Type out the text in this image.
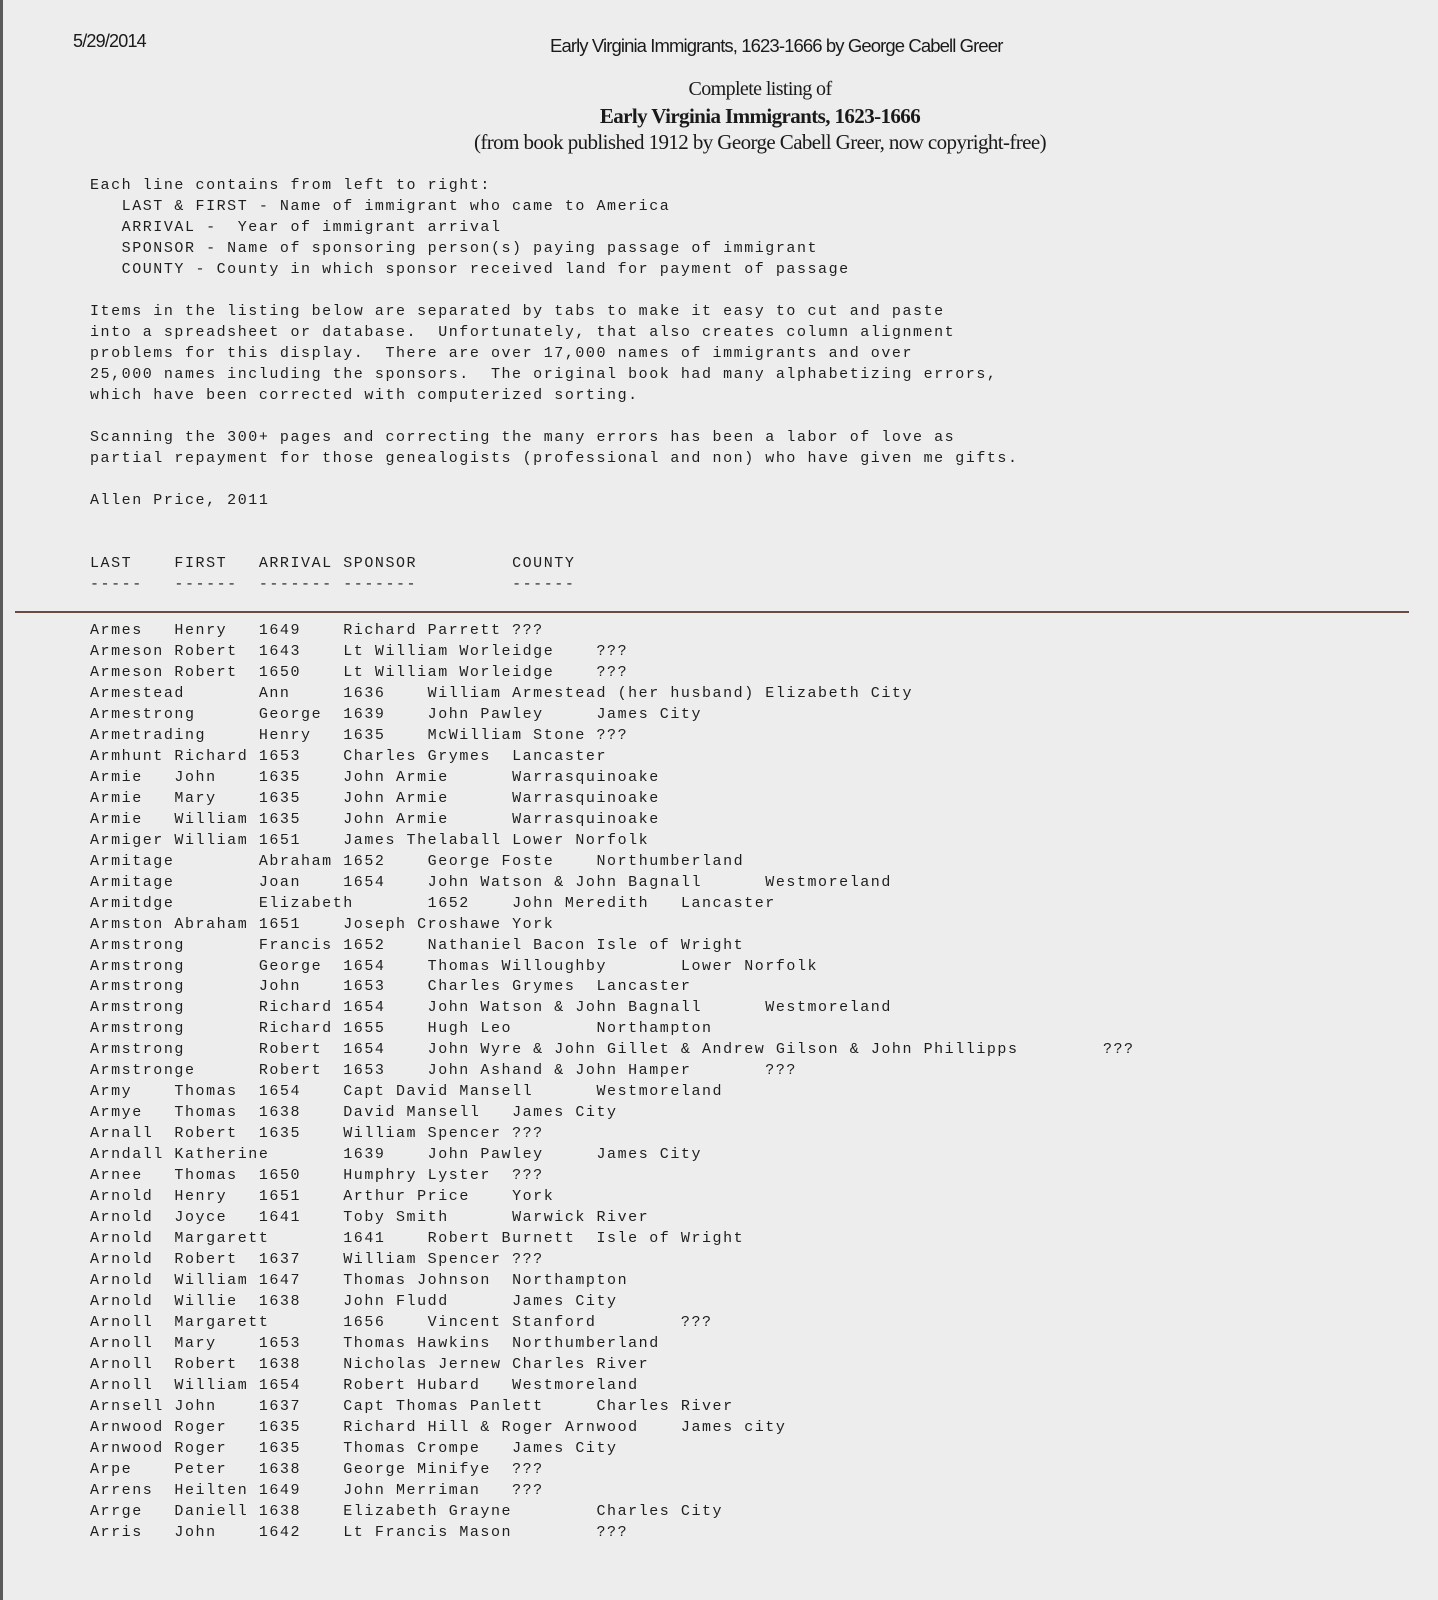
5/29/2014	Early Virginia Immigrants, 1623-1666 by George Cabell Greer
Complete listing of
Early Virginia Immigrants, 1623-1666
(from book published 1912 by George Cabell Greer, now copyright-free)
Each line contains from left to right:
LAST & FIRST - Name of immigrant who came to America
ARRIVAL -  Year of immigrant arrival
SPONSOR - Name of sponsoring person(s) paying passage of immigrant
COUNTY - County in which sponsor received land for payment of passage
Items in the listing below are separated by tabs to make it easy to cut and paste
into a spreadsheet or database.  Unfortunately, that also creates column alignment
problems for this display.  There are over 17,000 names of immigrants and over
25,000 names including the sponsors.  The original book had many alphabetizing errors,
which have been corrected with computerized sorting.
Scanning the 300+ pages and correcting the many errors has been a labor of love as
partial repayment for those genealogists (professional and non) who have given me gifts.
Allen Price, 2011
LAST	FIRST	ARRIVAL	SPONSOR		COUNTY
-----	------	-------	-------		------
Armes	Henry	1649		Richard Parrett	???
Armeson	Robert	1643		Lt William Worleidge		???
Armeson	Robert	1650		Lt William Worleidge		???
Armestead		Ann		1636		William Armestead (her husband)	Elizabeth City
Armestrong		George	1639		John Pawley		James City
Armetrading		Henry	1635		McWilliam Stone	???
Armhunt	Richard	1653		Charles Grymes	Lancaster
Armie	John		1635		John Armie		Warrasquinoake
Armie	Mary		1635		John Armie		Warrasquinoake
Armie	William	1635		John Armie		Warrasquinoake
Armiger	William	1651		James Thelaball	Lower Norfolk
Armitage		Abraham	1652		George Foste		Northumberland
Armitage		Joan		1654		John Watson & John Bagnall		Westmoreland
Armitdge		Elizabeth		1652		John Meredith	Lancaster
Armston	Abraham	1651		Joseph Croshawe	York
Armstrong		Francis	1652		Nathaniel Bacon	Isle of Wright
Armstrong		George	1654		Thomas Willoughby		Lower Norfolk
Armstrong		John		1653		Charles Grymes	Lancaster
Armstrong		Richard	1654		John Watson & John Bagnall		Westmoreland
Armstrong		Richard	1655		Hugh Leo		Northampton
Armstrong		Robert	1654		John Wyre & John Gillet & Andrew Gilson & John Phillipps		???
Armstronge		Robert	1653		John Ashand & John Hamper		???
Army		Thomas	1654		Capt David Mansell		Westmoreland
Armye	Thomas	1638		David Mansell	James City
Arnall	Robert	1635		William Spencer	???
Arndall	Katherine		1639		John Pawley		James City
Arnee	Thomas	1650		Humphry Lyster	???
Arnold	Henry	1651		Arthur Price		York
Arnold	Joyce	1641		Toby Smith		Warwick River
Arnold	Margarett		1641		Robert Burnett	Isle of Wright
Arnold	Robert	1637		William Spencer	???
Arnold	William	1647		Thomas Johnson	Northampton
Arnold	Willie	1638		John Fludd		James City
Arnoll	Margarett		1656		Vincent Stanford		???
Arnoll	Mary		1653		Thomas Hawkins	Northumberland
Arnoll	Robert	1638		Nicholas Jernew	Charles River
Arnoll	William	1654		Robert Hubard	Westmoreland
Arnsell	John		1637		Capt Thomas Panlett		Charles River
Arnwood	Roger	1635		Richard Hill & Roger Arnwood		James city
Arnwood	Roger	1635		Thomas Crompe	James City
Arpe		Peter	1638		George Minifye	???
Arrens	Heilten	1649		John Merriman	???
Arrge	Daniell	1638		Elizabeth Grayne		Charles City
Arris	John		1642		Lt Francis Mason		???
